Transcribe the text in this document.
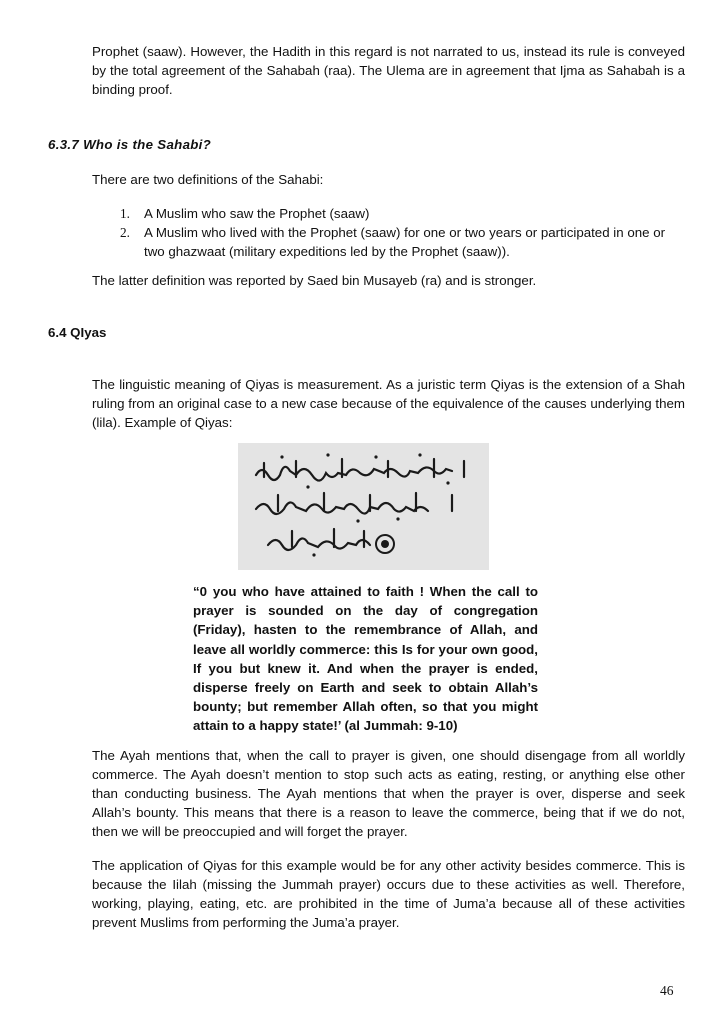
Prophet (saaw). However, the Hadith in this regard is not narrated to us, instead its rule is conveyed by the total agreement of the Sahabah (raa). The Ulema are in agreement that Ijma as Sahabah is a binding proof.
6.3.7 Who is the Sahabi?
There are two definitions of the Sahabi:
1. A Muslim who saw the Prophet (saaw)
2. A Muslim who lived with the Prophet (saaw) for one or two years or participated in one or two ghazwaat (military expeditions led by the Prophet (saaw)).
The latter definition was reported by Saed bin Musayeb (ra) and is stronger.
6.4 QIyas
The linguistic meaning of Qiyas is measurement. As a juristic term Qiyas is the extension of a Shah ruling from an original case to a new case because of the equivalence of the causes underlying them (lila). Example of Qiyas:
“0 you who have attained to faith ! When the call to prayer is sounded on the day of congregation (Friday), hasten to the remembrance of Allah, and leave all worldly commerce: this Is for your own good, If you but knew it. And when the prayer is ended, disperse freely on Earth and seek to obtain Allah’s bounty; but remember Allah often, so that you might attain to a happy state!’ (al Jummah: 9-10)
The Ayah mentions that, when the call to prayer is given, one should disengage from all worldly commerce. The Ayah doesn’t mention to stop such acts as eating, resting, or anything else other than conducting business. The Ayah mentions that when the prayer is over, disperse and seek Allah’s bounty. This means that there is a reason to leave the commerce, being that if we do not, then we will be preoccupied and will forget the prayer.
The application of Qiyas for this example would be for any other activity besides commerce. This is because the Iilah (missing the Jummah prayer) occurs due to these activities as well. Therefore, working, playing, eating, etc. are prohibited in the time of Juma’a because all of these activities prevent Muslims from performing the Juma’a prayer.
46
